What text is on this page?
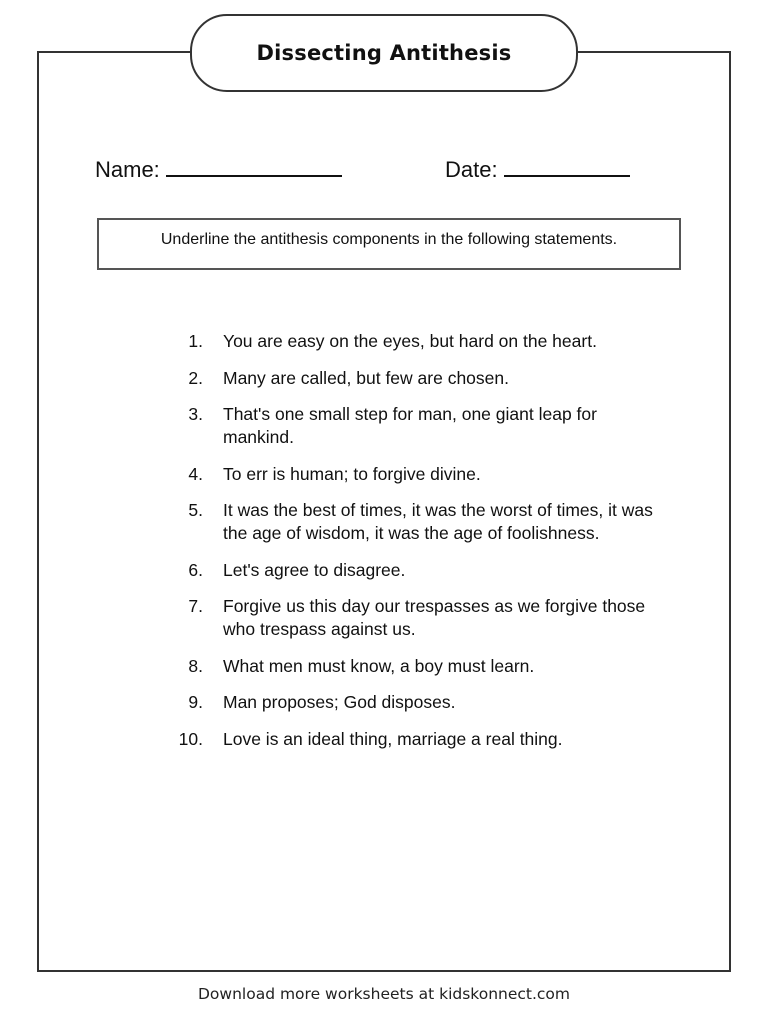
Dissecting Antithesis
Name:	Date:
Underline the antithesis components in the following statements.
1. You are easy on the eyes, but hard on the heart.
2. Many are called, but few are chosen.
3. That's one small step for man, one giant leap for mankind.
4. To err is human; to forgive divine.
5. It was the best of times, it was the worst of times, it was the age of wisdom, it was the age of foolishness.
6. Let's agree to disagree.
7. Forgive us this day our trespasses as we forgive those who trespass against us.
8. What men must know, a boy must learn.
9. Man proposes; God disposes.
10. Love is an ideal thing, marriage a real thing.
Download more worksheets at kidskonnect.com
